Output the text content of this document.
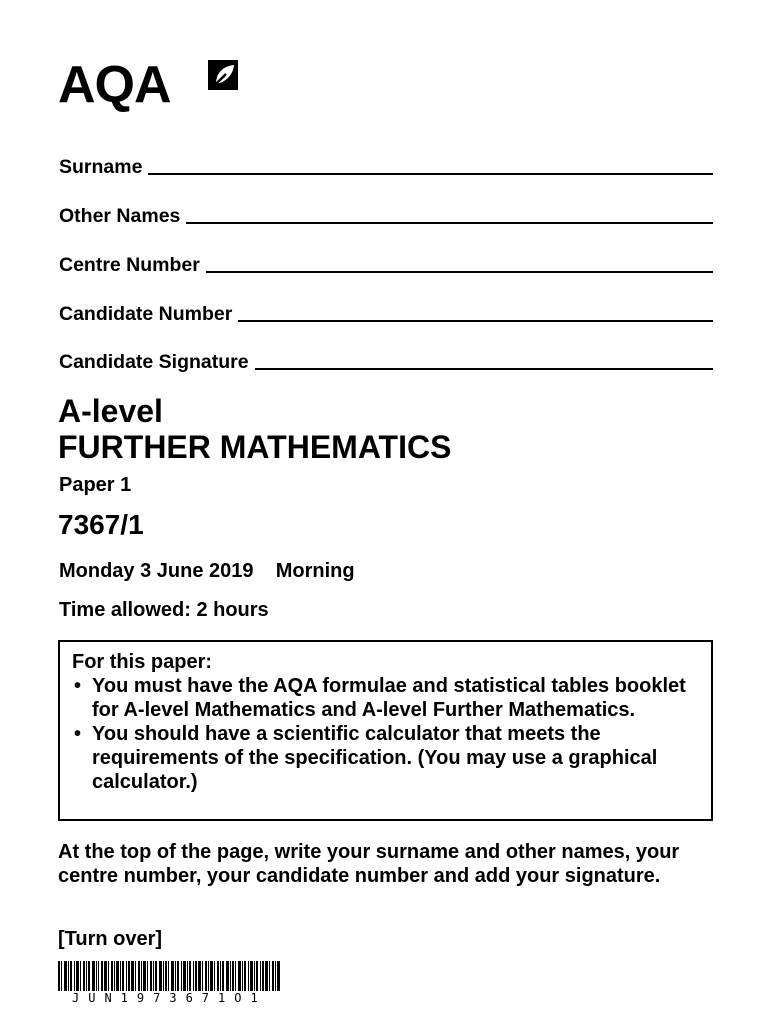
AQA
Surname
Other Names
Centre Number
Candidate Number
Candidate Signature
A-level
FURTHER MATHEMATICS
Paper 1
7367/1
Monday 3 June 2019    Morning
Time allowed: 2 hours
For this paper:
• You must have the AQA formulae and statistical tables booklet for A-level Mathematics and A-level Further Mathematics.
• You should have a scientific calculator that meets the requirements of the specification. (You may use a graphical calculator.)
At the top of the page, write your surname and other names, your centre number, your candidate number and add your signature.
[Turn over]
JUN1973671O1
